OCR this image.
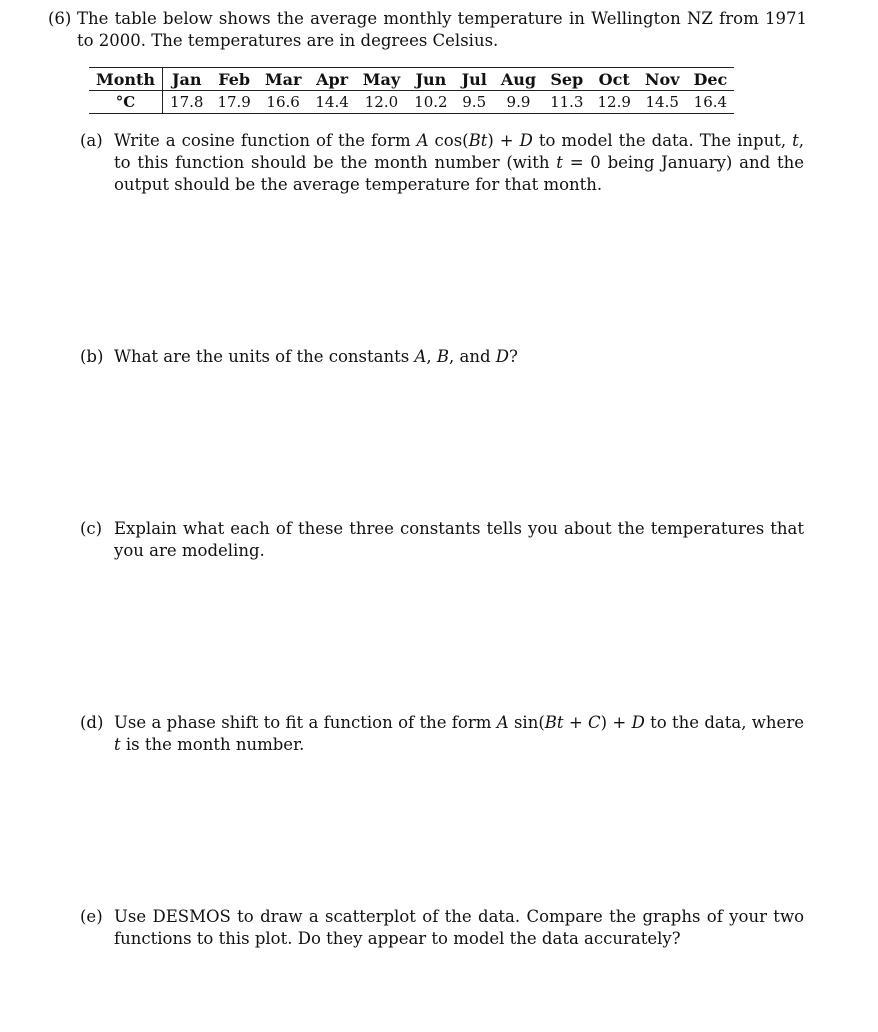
(6) The table below shows the average monthly temperature in Wellington NZ from 1971 to 2000. The temperatures are in degrees Celsius.
Month	Jan	Feb	Mar	Apr	May	Jun	Jul	Aug	Sep	Oct	Nov	Dec
°C	17.8	17.9	16.6	14.4	12.0	10.2	9.5	9.9	11.3	12.9	14.5	16.4
(a) Write a cosine function of the form A cos(Bt) + D to model the data. The input, t, to this function should be the month number (with t = 0 being January) and the output should be the average temperature for that month.
(b) What are the units of the constants A, B, and D?
(c) Explain what each of these three constants tells you about the temperatures that you are modeling.
(d) Use a phase shift to fit a function of the form A sin(Bt + C) + D to the data, where t is the month number.
(e) Use DESMOS to draw a scatterplot of the data. Compare the graphs of your two functions to this plot. Do they appear to model the data accurately?
